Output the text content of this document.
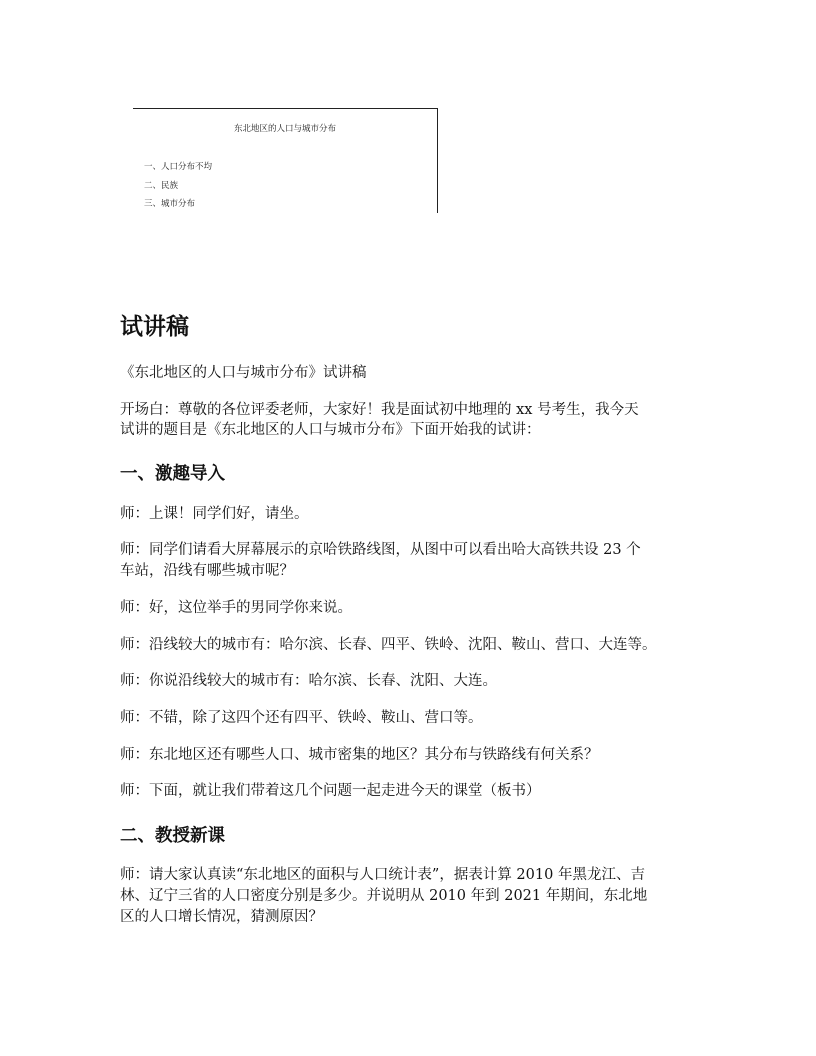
东北地区的人口与城市分布
一、人口分布不均
二、民族
三、城市分布
试讲稿
《东北地区的人口与城市分布》试讲稿
开场白：尊敬的各位评委老师，大家好！我是面试初中地理的 xx 号考生，我今天
试讲的题目是《东北地区的人口与城市分布》下面开始我的试讲：
一、激趣导入
师：上课！同学们好，请坐。
师：同学们请看大屏幕展示的京哈铁路线图，从图中可以看出哈大高铁共设 23 个
车站，沿线有哪些城市呢？
师：好，这位举手的男同学你来说。
师：沿线较大的城市有：哈尔滨、长春、四平、铁岭、沈阳、鞍山、营口、大连等。
师：你说沿线较大的城市有：哈尔滨、长春、沈阳、大连。
师：不错，除了这四个还有四平、铁岭、鞍山、营口等。
师：东北地区还有哪些人口、城市密集的地区？其分布与铁路线有何关系？
师：下面，就让我们带着这几个问题一起走进今天的课堂（板书）
二、教授新课
师：请大家认真读“东北地区的面积与人口统计表”，据表计算 2010 年黑龙江、吉
林、辽宁三省的人口密度分别是多少。并说明从 2010 年到 2021 年期间，东北地
区的人口增长情况，猜测原因？
